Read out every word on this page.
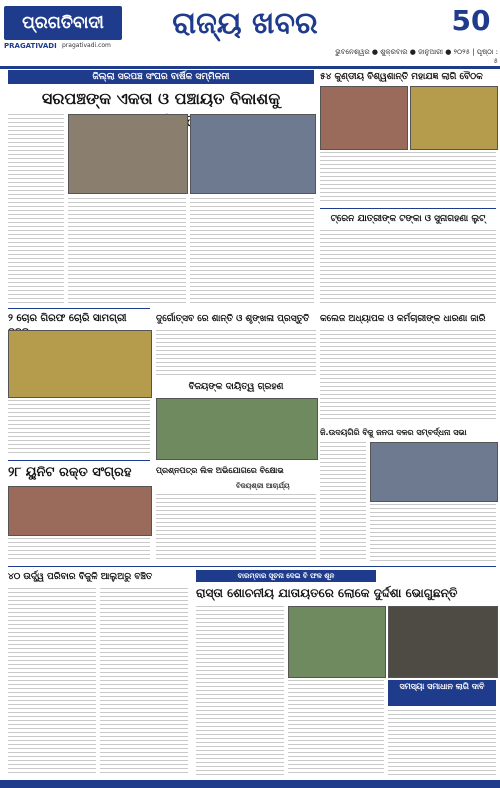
ପ୍ରଗତିବାଦୀ
PRAGATIVADI pragativadi.com
ରାଜ୍ୟ ଖବର	50
ଭୁବନେଶ୍ୱର ● ଶୁକ୍ରବାର ● ଜାନୁଆରୀ ● ୨୦୨୫ | ପୃଷ୍ଠା : ୫
ଜିଲ୍ଲା ସରପଞ୍ଚ ସଂଘର ବାର୍ଷିକ ସମ୍ମିଳନୀ
ସରପଞ୍ଚଙ୍କ ଏକତା ଓ ପଞ୍ଚାୟତ ବିକାଶକୁ
୫୪ କୁଣ୍ଡୀୟ ବିଶ୍ୱଶାନ୍ତି ମହାଯଜ୍ଞ ଲାଗି ବୈଠକ
ଟ୍ରେନ ଯାତ୍ରୀଙ୍କ ଟଙ୍କା ଓ ସୁନାଗହଣା ଲୁଟ୍
୨ ଚୋର ଗିରଫ ଚୋରି ସାମଗ୍ରୀ	ଦୁର୍ଗୋତ୍ସବ ରେ ଶାନ୍ତି ଓ ଶୃଙ୍ଖଳା ପ୍ରସ୍ତୁତି
ବିଜୟଙ୍କ ଦାୟିତ୍ୱ ଗ୍ରହଣ
କଲେଜ ଅଧ୍ୟାପକ ଓ କର୍ମଚାରୀଙ୍କ ଧାରଣା ଜାରି
ଜି.ଉଦୟଗିରି ବିଜୁ ଜନତା ଦଳର ସମ୍ବର୍ଦ୍ଧନା ସଭା
୨୮ ୟୁନିଟ ରକ୍ତ ସଂଗ୍ରହ	ପ୍ରଶ୍ନପତ୍ର ଲିକ ଅଭିଯୋଗରେ ବିକ୍ଷୋଭ
ବିଜୟଶ୍ରୀ ଆଚାର୍ଯ୍ୟ
୪୦ ଉର୍ଦ୍ଧ୍ୱ ପରିବାର ବିଜୁଳି ଆଲୁଅରୁ ବଞ୍ଚିତ	ବାରମ୍ବାର ସୂଚନା ଦେଇ ବି ଫଳ ଶୂନ
ରାସ୍ତା ଶୋଚନୀୟ ଯାତାୟତରେ ଲୋକେ ଦୁର୍ଦ୍ଦଶା ଭୋଗୁଛନ୍ତି
ସମସ୍ୟା ସମାଧାନ ଲାଗି ଦାବି
